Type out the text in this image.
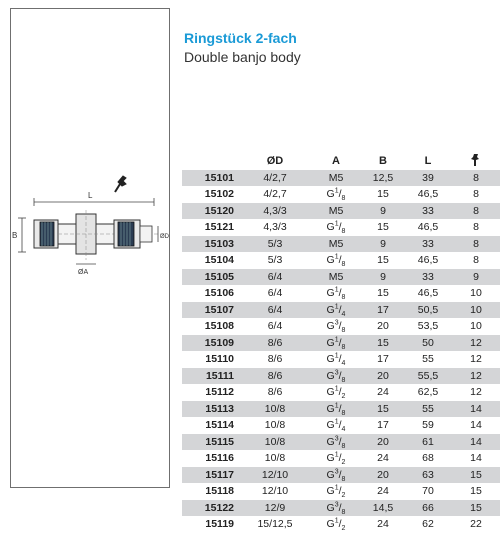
L
B	ØD
ØA
Ringstück 2-fach
Double banjo body
	ØD	A	B	L	
15101	4/2,7	M5	12,5	39	8
15102	4/2,7	$G^1/_8$	15	46,5	8
15120	4,3/3	M5	9	33	8
15121	4,3/3	$G^1/_8$	15	46,5	8
15103	5/3	M5	9	33	8
15104	5/3	$G^1/_8$	15	46,5	8
15105	6/4	M5	9	33	9
15106	6/4	$G^1/_8$	15	46,5	10
15107	6/4	$G^1/_4$	17	50,5	10
15108	6/4	$G^3/_8$	20	53,5	10
15109	8/6	$G^1/_8$	15	50	12
15110	8/6	$G^1/_4$	17	55	12
15111	8/6	$G^3/_8$	20	55,5	12
15112	8/6	$G^1/_2$	24	62,5	12
15113	10/8	$G^1/_8$	15	55	14
15114	10/8	$G^1/_4$	17	59	14
15115	10/8	$G^3/_8$	20	61	14
15116	10/8	$G^1/_2$	24	68	14
15117	12/10	$G^3/_8$	20	63	15
15118	12/10	$G^1/_2$	24	70	15
15122	12/9	$G^3/_8$	14,5	66	15
15119	15/12,5	$G^1/_2$	24	62	22
